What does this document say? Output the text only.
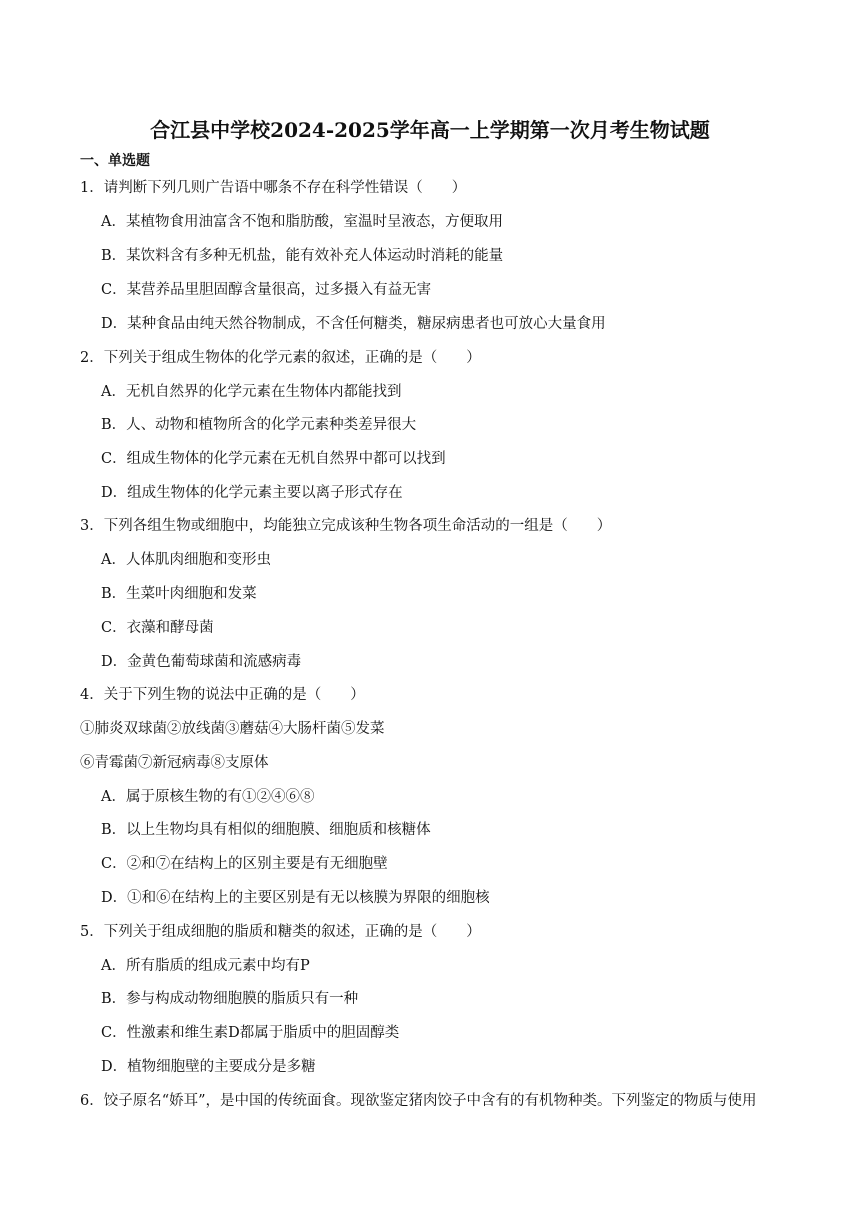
合江县中学校2024-2025学年高一上学期第一次月考生物试题
一、单选题
1．请判断下列几则广告语中哪条不存在科学性错误（　　）
A．某植物食用油富含不饱和脂肪酸，室温时呈液态，方便取用
B．某饮料含有多种无机盐，能有效补充人体运动时消耗的能量
C．某营养品里胆固醇含量很高，过多摄入有益无害
D．某种食品由纯天然谷物制成，不含任何糖类，糖尿病患者也可放心大量食用
2．下列关于组成生物体的化学元素的叙述，正确的是（　　）
A．无机自然界的化学元素在生物体内都能找到
B．人、动物和植物所含的化学元素种类差异很大
C．组成生物体的化学元素在无机自然界中都可以找到
D．组成生物体的化学元素主要以离子形式存在
3．下列各组生物或细胞中，均能独立完成该种生物各项生命活动的一组是（　　）
A．人体肌肉细胞和变形虫
B．生菜叶肉细胞和发菜
C．衣藻和酵母菌
D．金黄色葡萄球菌和流感病毒
4．关于下列生物的说法中正确的是（　　）
①肺炎双球菌②放线菌③蘑菇④大肠杆菌⑤发菜
⑥青霉菌⑦新冠病毒⑧支原体
A．属于原核生物的有①②④⑥⑧
B．以上生物均具有相似的细胞膜、细胞质和核糖体
C．②和⑦在结构上的区别主要是有无细胞壁
D．①和⑥在结构上的主要区别是有无以核膜为界限的细胞核
5．下列关于组成细胞的脂质和糖类的叙述，正确的是（　　）
A．所有脂质的组成元素中均有P
B．参与构成动物细胞膜的脂质只有一种
C．性激素和维生素D都属于脂质中的胆固醇类
D．植物细胞壁的主要成分是多糖
6．饺子原名“娇耳”，是中国的传统面食。现欲鉴定猪肉饺子中含有的有机物种类。下列鉴定的物质与使用
